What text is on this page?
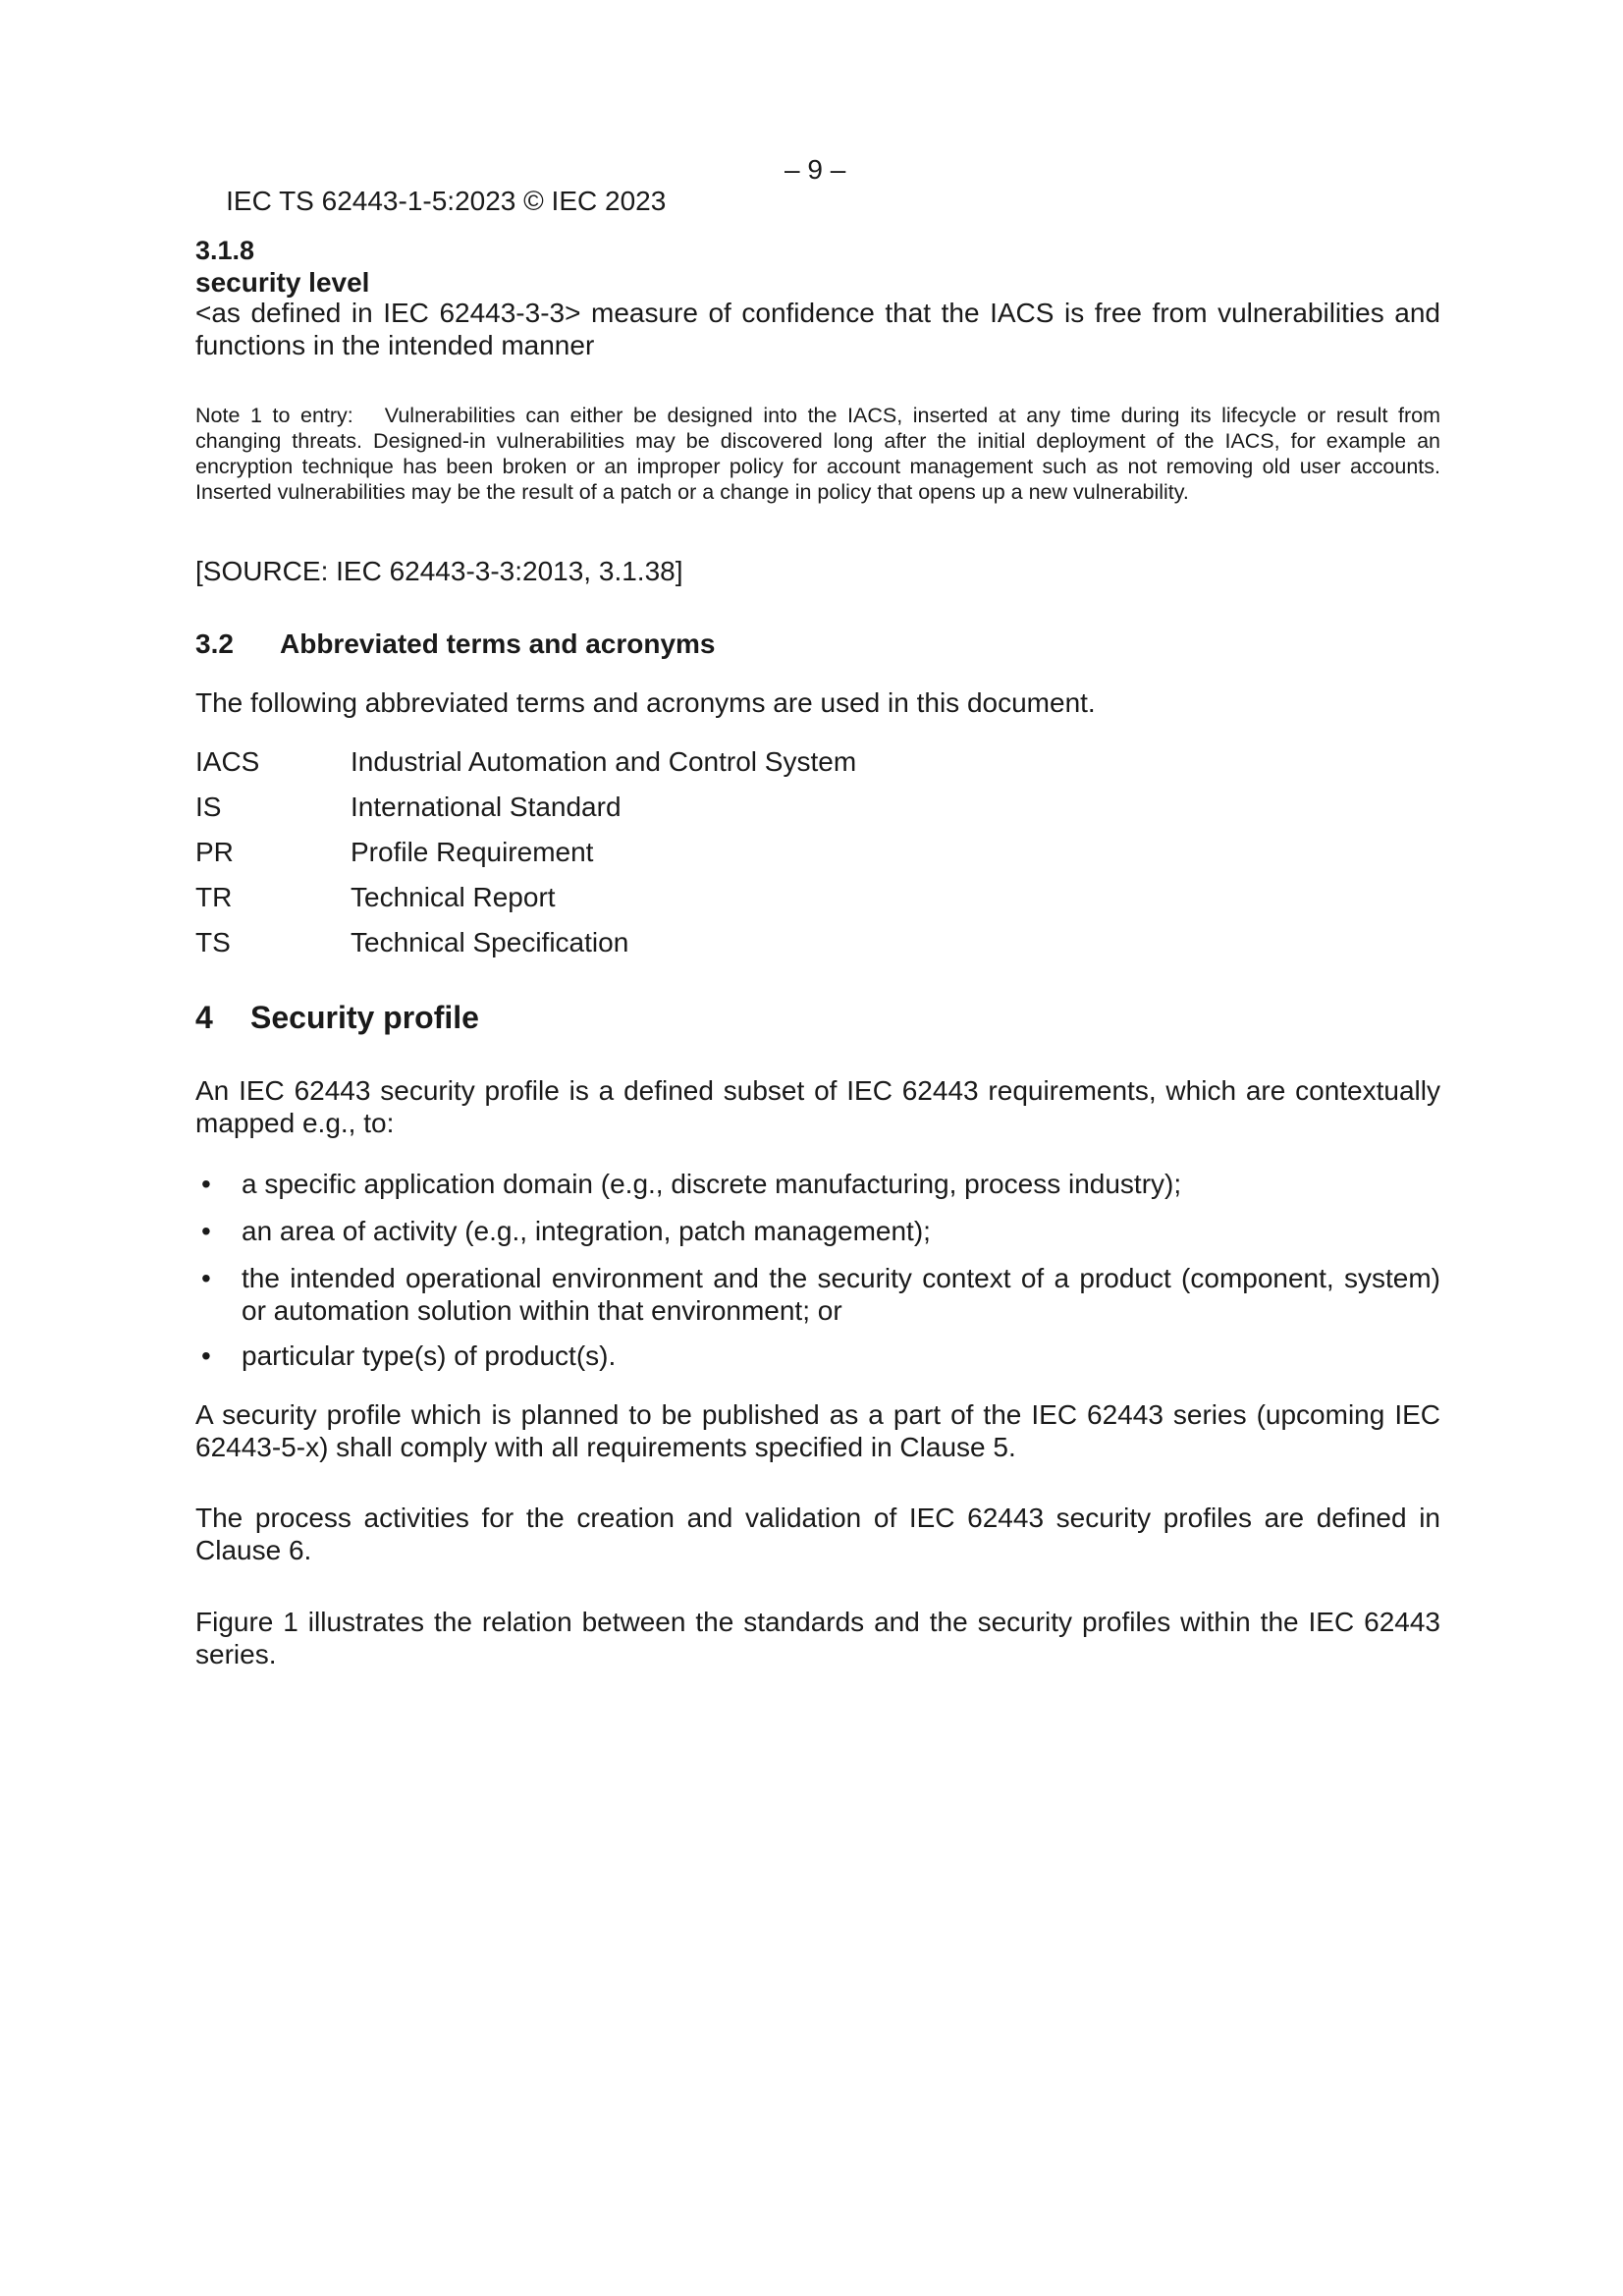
IEC TS 62443-1-5:2023 © IEC 2023

– 9 –

3.1.8
security level
<as defined in IEC 62443-3-3> measure of confidence that the IACS is free from vulnerabilities and functions in the intended manner
Note 1 to entry: Vulnerabilities can either be designed into the IACS, inserted at any time during its lifecycle or result from changing threats. Designed-in vulnerabilities may be discovered long after the initial deployment of the IACS, for example an encryption technique has been broken or an improper policy for account management such as not removing old user accounts. Inserted vulnerabilities may be the result of a patch or a change in policy that opens up a new vulnerability.
[SOURCE: IEC 62443-3-3:2013, 3.1.38]
3.2 Abbreviated terms and acronyms
The following abbreviated terms and acronyms are used in this document.
IACS	Industrial Automation and Control System
IS	International Standard
PR	Profile Requirement
TR	Technical Report
TS	Technical Specification
4 Security profile
An IEC 62443 security profile is a defined subset of IEC 62443 requirements, which are contextually mapped e.g., to:
• a specific application domain (e.g., discrete manufacturing, process industry);
• an area of activity (e.g., integration, patch management);
• the intended operational environment and the security context of a product (component, system) or automation solution within that environment; or
• particular type(s) of product(s).
A security profile which is planned to be published as a part of the IEC 62443 series (upcoming IEC 62443-5-x) shall comply with all requirements specified in Clause 5.
The process activities for the creation and validation of IEC 62443 security profiles are defined in Clause 6.
Figure 1 illustrates the relation between the standards and the security profiles within the IEC 62443 series.
